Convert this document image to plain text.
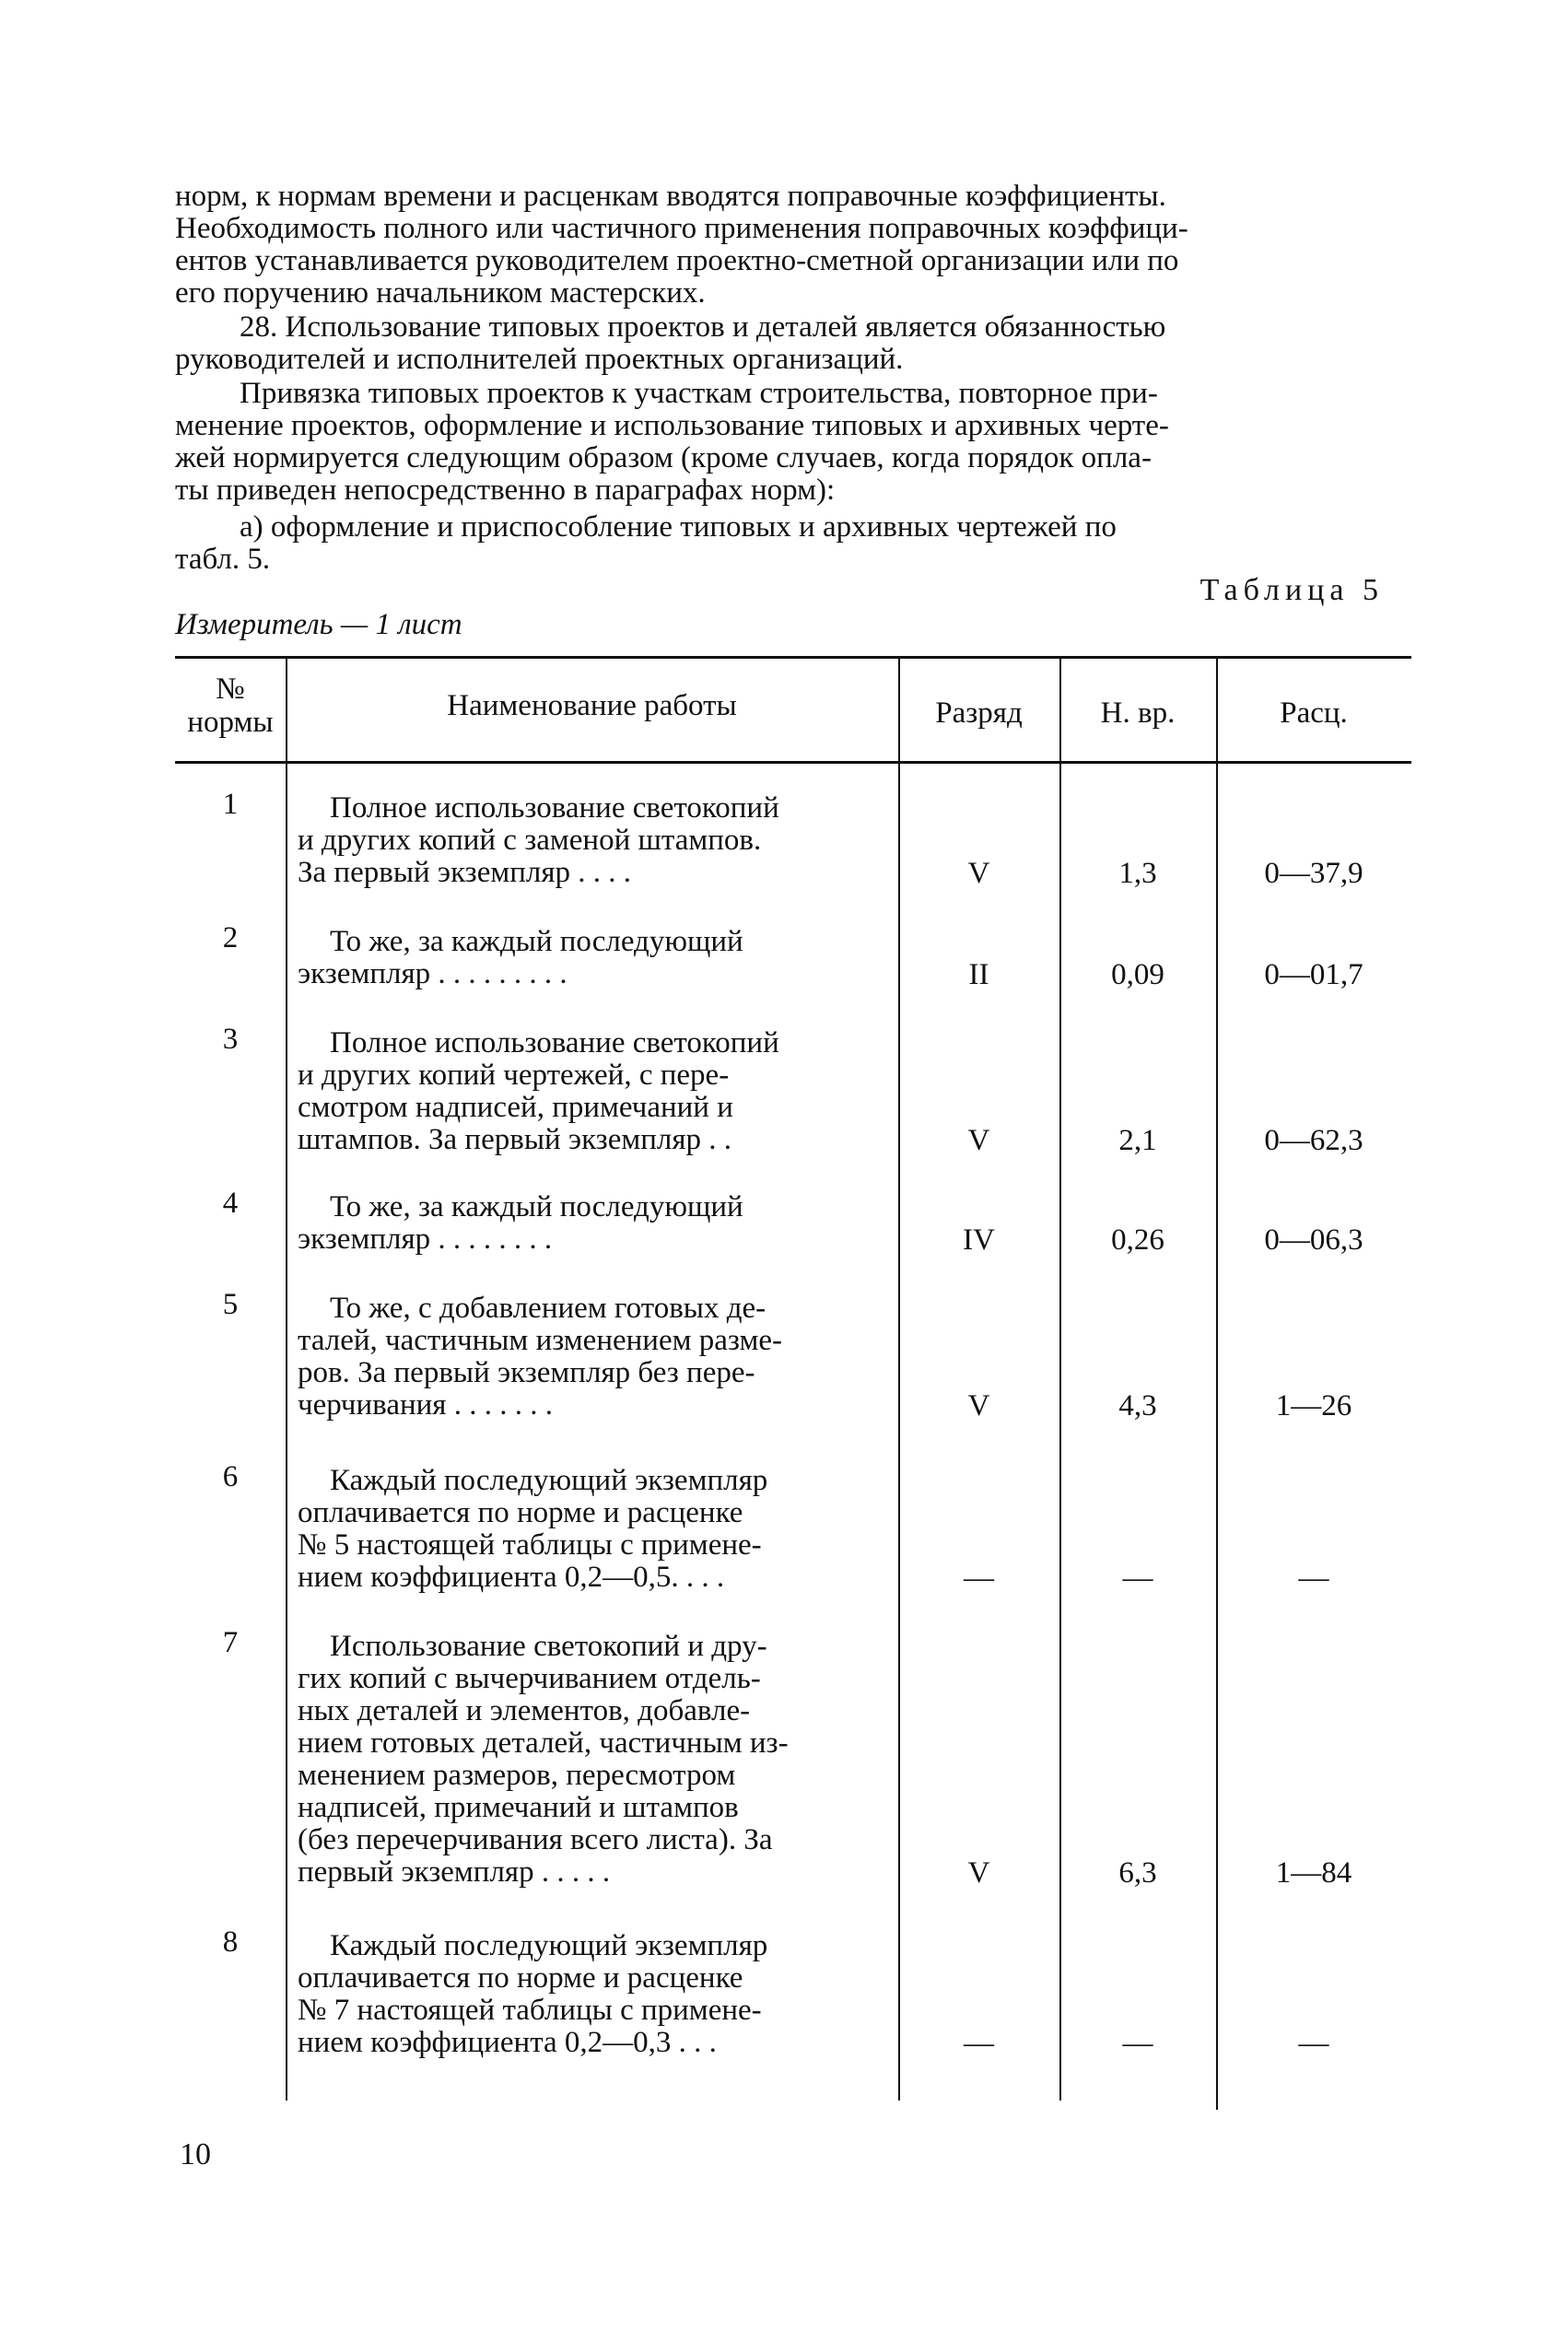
норм, к нормам времени и расценкам вводятся поправочные коэффициенты.

Необходимость полного или частичного применения поправочных коэффици-

ентов устанавливается руководителем проектно-сметной организации или по

его поручению начальником мастерских.

28. Использование типовых проектов и деталей является обязанностью

руководителей и исполнителей проектных организаций.

Привязка типовых проектов к участкам строительства, повторное при-

менение проектов, оформление и использование типовых и архивных черте-

жей нормируется следующим образом (кроме случаев, когда порядок опла-

ты приведен непосредственно в параграфах норм):

а) оформление и приспособление типовых и архивных чертежей по

табл. 5.

Таблица 5
Измеритель — 1 лист
№ нормы	Наименование работы	Разряд	Н. вр.	Расц.
1	Полное использование светокопий
и других копий с заменой штампов.
За первый экземпляр . . . .	V	1,3	0—37,9
2	То же, за каждый последующий
экземпляр . . . . . . . . .	II	0,09	0—01,7
3	Полное использование светокопий
и других копий чертежей, с пере-
смотром надписей, примечаний и
штампов. За первый экземпляр . .	V	2,1	0—62,3
4	То же, за каждый последующий
экземпляр . . . . . . . .	IV	0,26	0—06,3
5	То же, с добавлением готовых де-
талей, частичным изменением разме-
ров. За первый экземпляр без пере-
черчивания . . . . . . .	V	4,3	1—26
6	Каждый последующий экземпляр
оплачивается по норме и расценке
№ 5 настоящей таблицы с примене-
нием коэффициента 0,2—0,5. . . .	—	—	—
7	Использование светокопий и дру-
гих копий с вычерчиванием отдель-
ных деталей и элементов, добавле-
нием готовых деталей, частичным из-
менением размеров, пересмотром
надписей, примечаний и штампов
(без перечерчивания всего листа). За
первый экземпляр . . . . .	V	6,3	1—84
8	Каждый последующий экземпляр
оплачивается по норме и расценке
№ 7 настоящей таблицы с примене-
нием коэффициента 0,2—0,3 . . .	—	—	—
10
